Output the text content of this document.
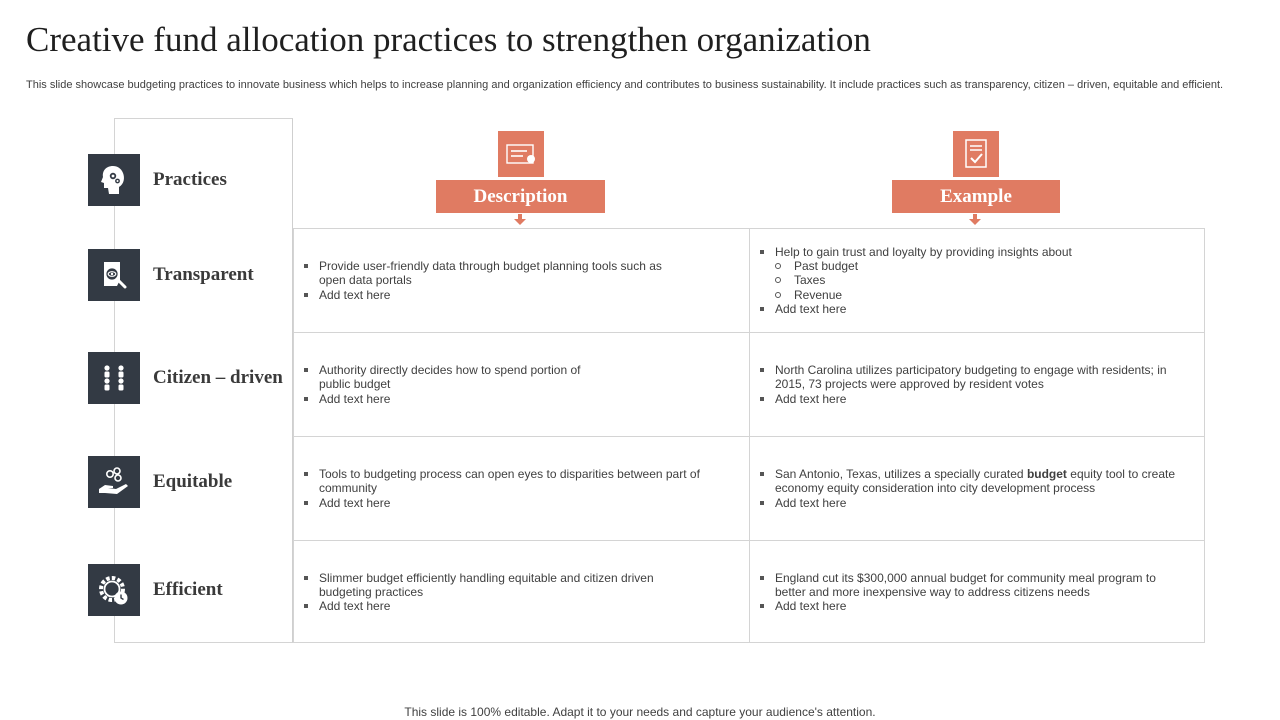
Creative fund allocation practices to strengthen organization

This slide showcase budgeting practices to innovate business which helps to increase planning and organization efficiency and contributes to business sustainability. It include practices such as transparency, citizen – driven, equitable and efficient.

Practices
Transparent
Citizen – driven
Equitable
Efficient
Description	Example
Provide user-friendly data through budget planning tools such as open data portals
Add text here
Help to gain trust and loyalty by providing insights about
Past budget
Taxes
Revenue
Add text here
Authority directly decides how to spend portion of public budget
Add text here
North Carolina utilizes participatory budgeting to engage with residents; in 2015, 73 projects were approved by resident votes
Add text here
Tools to budgeting process can open eyes to disparities between part of community
Add text here
San Antonio, Texas, utilizes a specially curated budget equity tool to create economy equity consideration into city development process
Add text here
Slimmer budget efficiently handling equitable and citizen driven budgeting practices
Add text here
England cut its $300,000 annual budget for community meal program to better and more inexpensive way to address citizens needs
Add text here

This slide is 100% editable. Adapt it to your needs and capture your audience's attention.
